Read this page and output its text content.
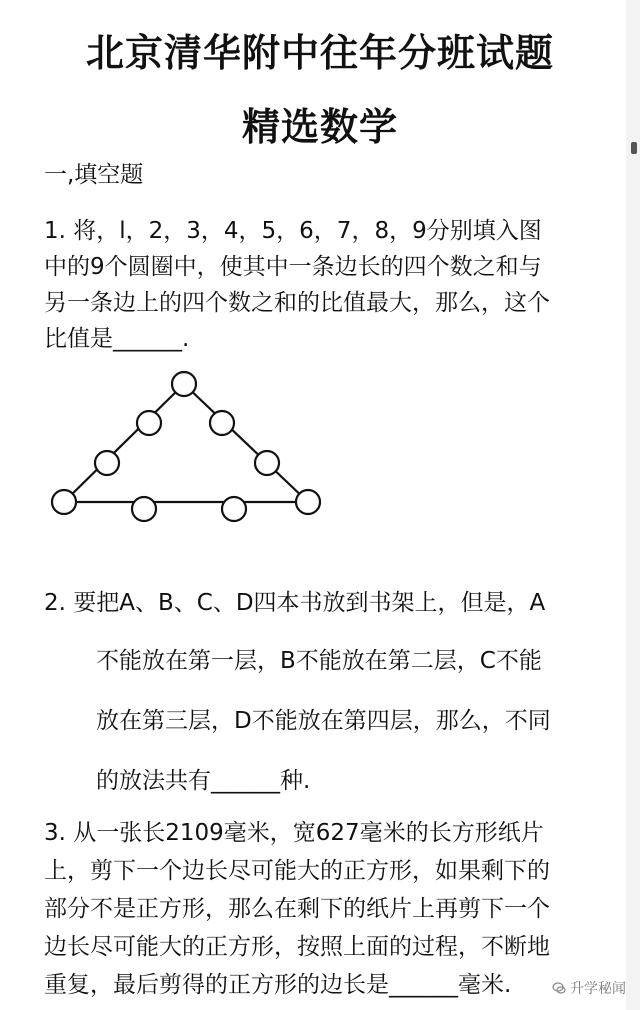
北京清华附中往年分班试题
精选数学
一,填空题
1. 将，l，2，3，4，5，6，7，8，9分别填入图
中的9个圆圈中，使其中一条边长的四个数之和与
另一条边上的四个数之和的比值最大，那么，这个
比值是______.
2. 要把A、B、C、D四本书放到书架上，但是，A
不能放在第一层，B不能放在第二层，C不能
放在第三层，D不能放在第四层，那么，不同
的放法共有______种.
3. 从一张长2109毫米，宽627毫米的长方形纸片
上，剪下一个边长尽可能大的正方形，如果剩下的
部分不是正方形，那么在剩下的纸片上再剪下一个
边长尽可能大的正方形，按照上面的过程，不断地
重复，最后剪得的正方形的边长是______毫米.	升学秘闻
